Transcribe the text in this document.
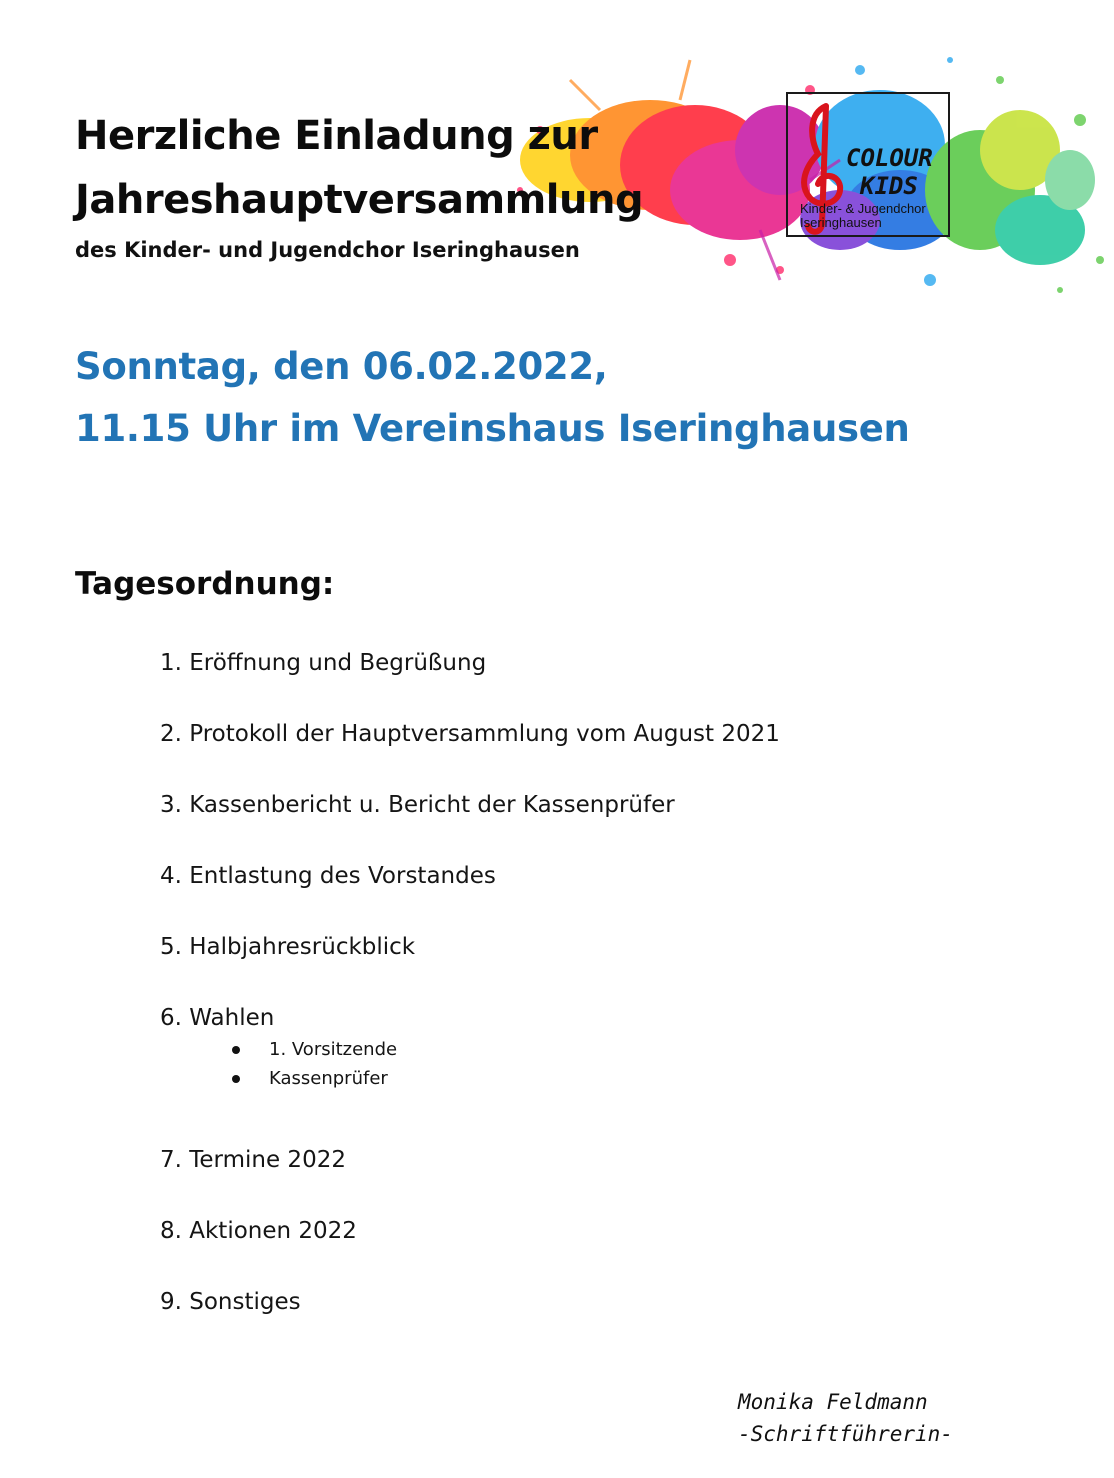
COLOUR
KIDS
Kinder- & Jugendchor
Iseringhausen
Herzliche Einladung zur
Jahreshauptversammlung
des Kinder- und Jugendchor Iseringhausen
Sonntag, den 06.02.2022,
11.15 Uhr im Vereinshaus Iseringhausen
Tagesordnung:
1. Eröffnung und Begrüßung
2. Protokoll der Hauptversammlung vom August 2021
3. Kassenbericht u. Bericht der Kassenprüfer
4. Entlastung des Vorstandes
5. Halbjahresrückblick
6. Wahlen
1. Vorsitzende
Kassenprüfer
7. Termine 2022
8. Aktionen 2022
9. Sonstiges
Monika Feldmann
-Schriftführerin-
